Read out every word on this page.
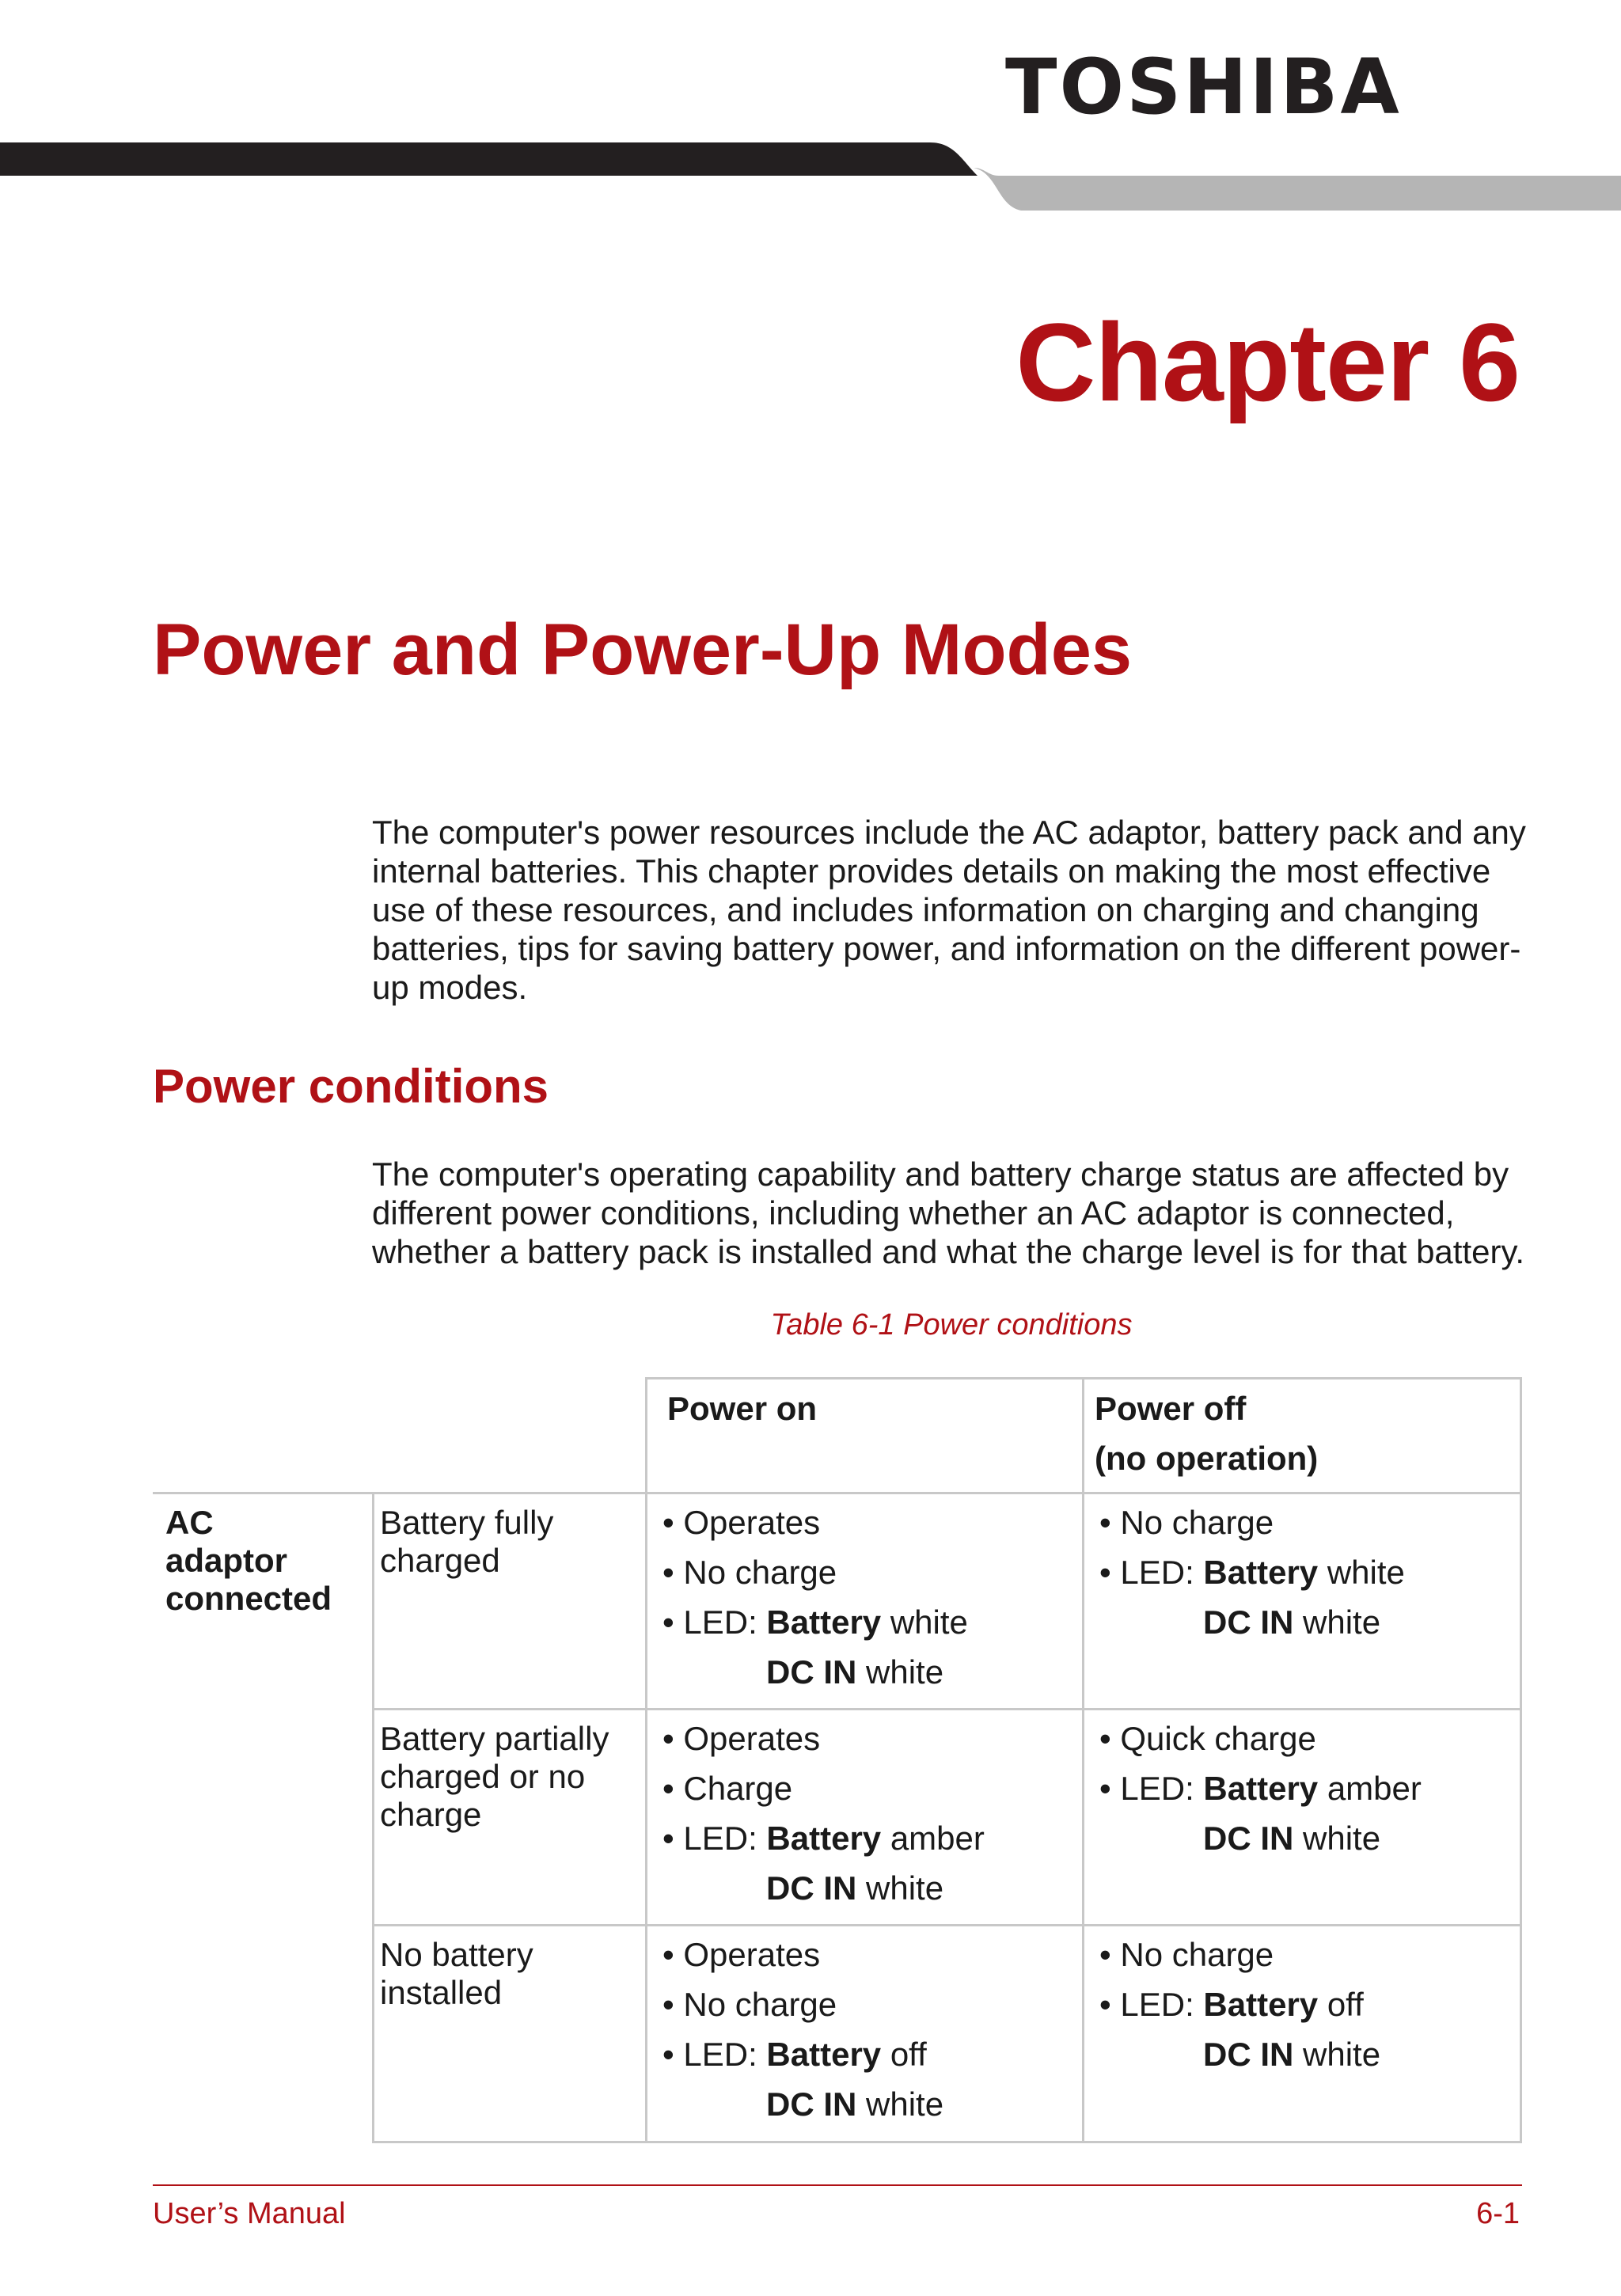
TOSHIBA
Chapter 6
Power and Power-Up Modes

The computer's power resources include the AC adaptor, battery pack and any internal batteries. This chapter provides details on making the most effective use of these resources, and includes information on charging and changing batteries, tips for saving battery power, and information on the different power-up modes.

Power conditions

The computer's operating capability and battery charge status are affected by different power conditions, including whether an AC adaptor is connected, whether a battery pack is installed and what the charge level is for that battery.

Table 6-1 Power conditions
Power on	Power off
(no operation)
AC
adaptor
connected
Battery fully
charged
• Operates
• No charge
• LED: Battery white
DC IN white
• No charge
• LED: Battery white
DC IN white
Battery partially
charged or no
charge
• Operates
• Charge
• LED: Battery amber
DC IN white
• Quick charge
• LED: Battery amber
DC IN white
No battery
installed
• Operates
• No charge
• LED: Battery off
DC IN white
• No charge
• LED: Battery off
DC IN white
User’s Manual	6-1
